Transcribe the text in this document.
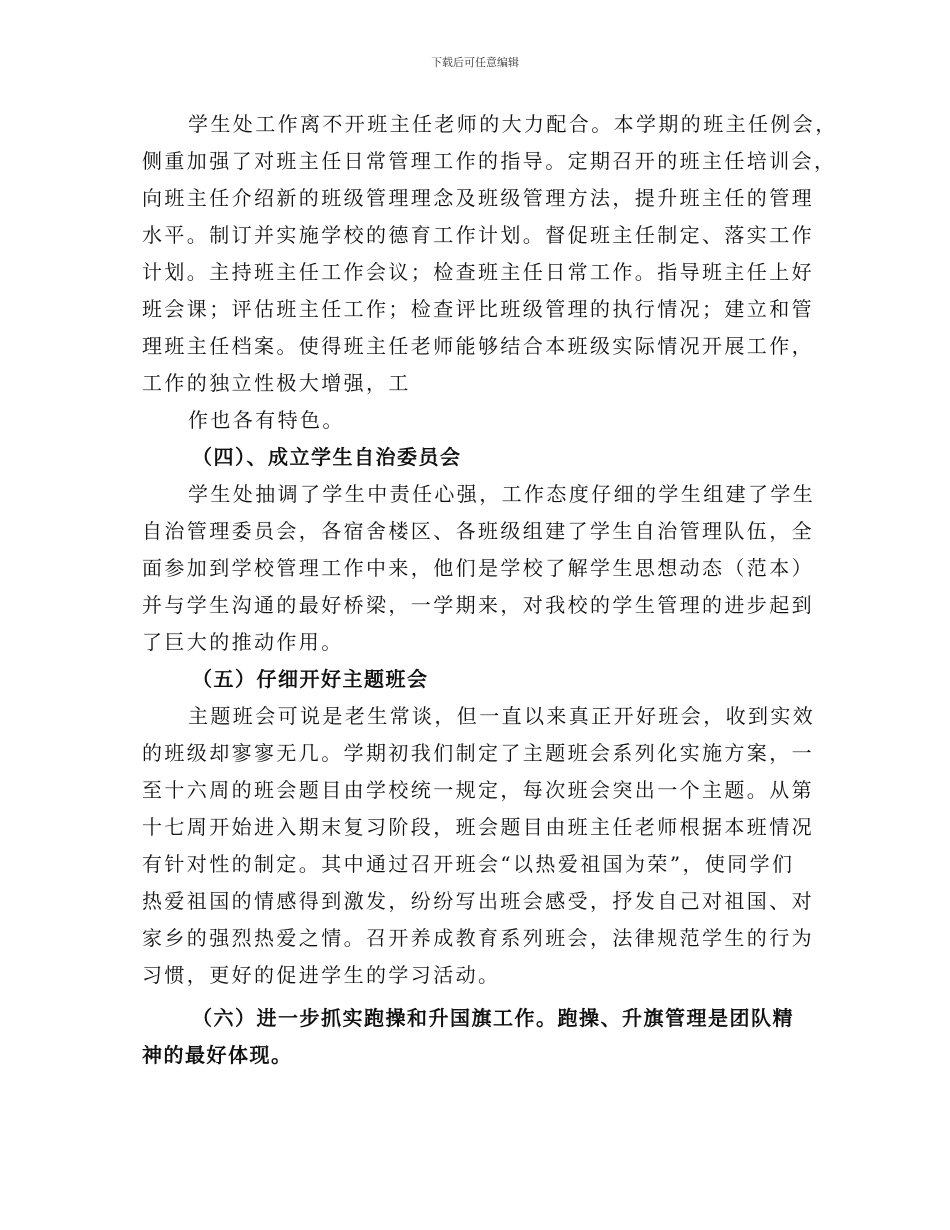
下载后可任意编辑
学生处工作离不开班主任老师的大力配合。本学期的班主任例会，
侧重加强了对班主任日常管理工作的指导。定期召开的班主任培训会，
向班主任介绍新的班级管理理念及班级管理方法，提升班主任的管理
水平。制订并实施学校的德育工作计划。督促班主任制定、落实工作
计划。主持班主任工作会议；检查班主任日常工作。指导班主任上好
班会课；评估班主任工作；检查评比班级管理的执行情况；建立和管
理班主任档案。使得班主任老师能够结合本班级实际情况开展工作，
工作的独立性极大增强，工
作也各有特色。
（四）、成立学生自治委员会
学生处抽调了学生中责任心强，工作态度仔细的学生组建了学生
自治管理委员会，各宿舍楼区、各班级组建了学生自治管理队伍，全
面参加到学校管理工作中来，他们是学校了解学生思想动态（范本）
并与学生沟通的最好桥梁，一学期来，对我校的学生管理的进步起到
了巨大的推动作用。
（五）仔细开好主题班会
主题班会可说是老生常谈，但一直以来真正开好班会，收到实效
的班级却寥寥无几。学期初我们制定了主题班会系列化实施方案，一
至十六周的班会题目由学校统一规定，每次班会突出一个主题。从第
十七周开始进入期末复习阶段，班会题目由班主任老师根据本班情况
有针对性的制定。其中通过召开班会“以热爱祖国为荣”，使同学们
热爱祖国的情感得到激发，纷纷写出班会感受，抒发自己对祖国、对
家乡的强烈热爱之情。召开养成教育系列班会，法律规范学生的行为
习惯，更好的促进学生的学习活动。
（六）进一步抓实跑操和升国旗工作。跑操、升旗管理是团队精
神的最好体现。
